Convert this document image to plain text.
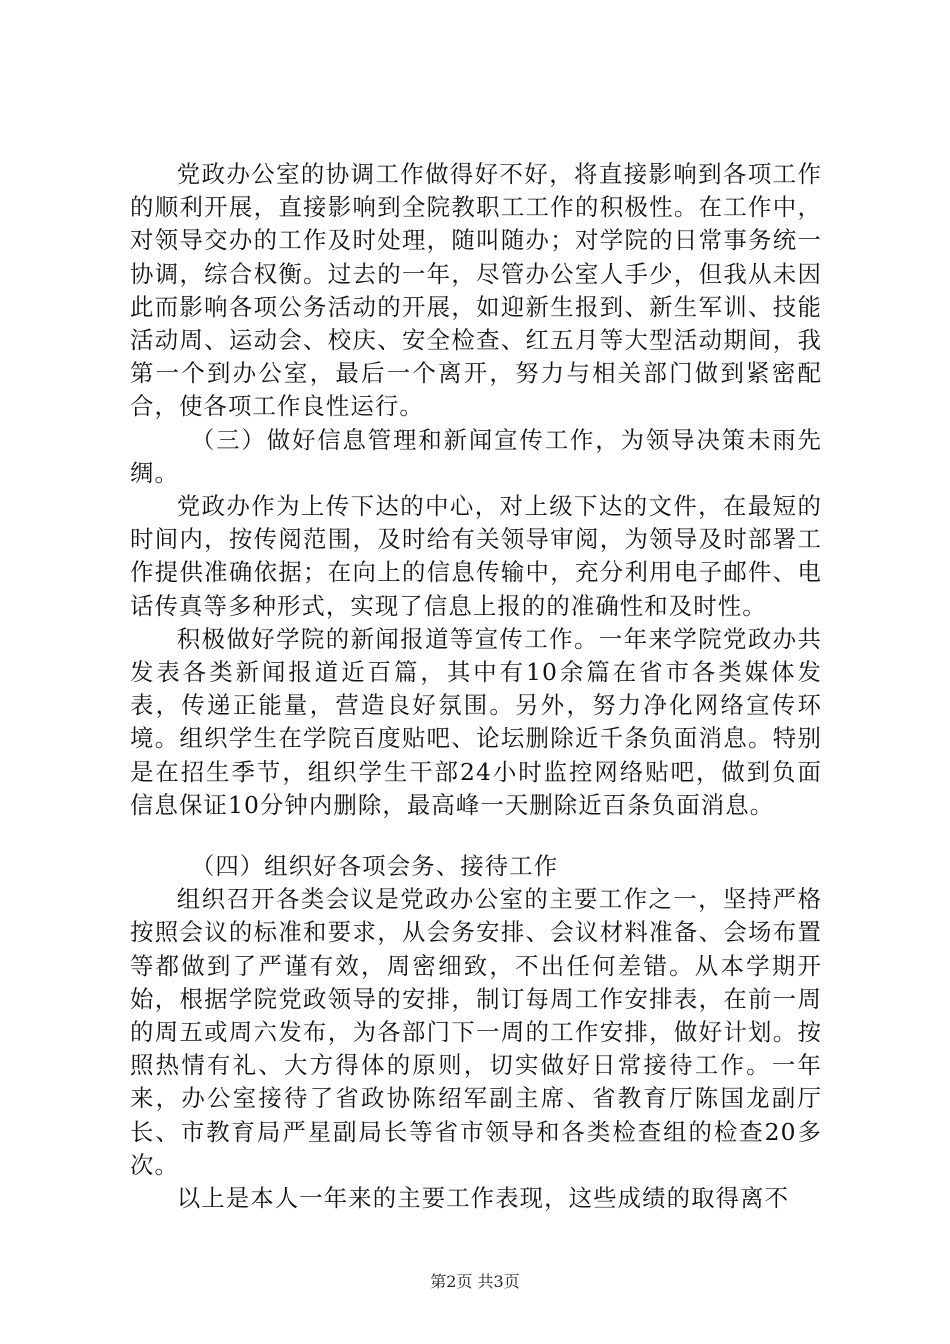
党政办公室的协调工作做得好不好，将直接影响到各项工作的顺利开展，直接影响到全院教职工工作的积极性。在工作中，对领导交办的工作及时处理，随叫随办；对学院的日常事务统一协调，综合权衡。过去的一年，尽管办公室人手少，但我从未因此而影响各项公务活动的开展，如迎新生报到、新生军训、技能活动周、运动会、校庆、安全检查、红五月等大型活动期间，我第一个到办公室，最后一个离开，努力与相关部门做到紧密配合，使各项工作良性运行。

（三）做好信息管理和新闻宣传工作，为领导决策未雨先绸。

党政办作为上传下达的中心，对上级下达的文件，在最短的时间内，按传阅范围，及时给有关领导审阅，为领导及时部署工作提供准确依据；在向上的信息传输中，充分利用电子邮件、电话传真等多种形式，实现了信息上报的的准确性和及时性。

积极做好学院的新闻报道等宣传工作。一年来学院党政办共发表各类新闻报道近百篇，其中有10余篇在省市各类媒体发表，传递正能量，营造良好氛围。另外，努力净化网络宣传环境。组织学生在学院百度贴吧、论坛删除近千条负面消息。特别是在招生季节，组织学生干部24小时监控网络贴吧，做到负面信息保证10分钟内删除，最高峰一天删除近百条负面消息。

（四）组织好各项会务、接待工作

组织召开各类会议是党政办公室的主要工作之一，坚持严格按照会议的标准和要求，从会务安排、会议材料准备、会场布置等都做到了严谨有效，周密细致，不出任何差错。从本学期开始，根据学院党政领导的安排，制订每周工作安排表，在前一周的周五或周六发布，为各部门下一周的工作安排，做好计划。按照热情有礼、大方得体的原则，切实做好日常接待工作。一年来，办公室接待了省政协陈绍军副主席、省教育厅陈国龙副厅长、市教育局严星副局长等省市领导和各类检查组的检查20多次。

以上是本人一年来的主要工作表现，这些成绩的取得离不

第2页 共3页
